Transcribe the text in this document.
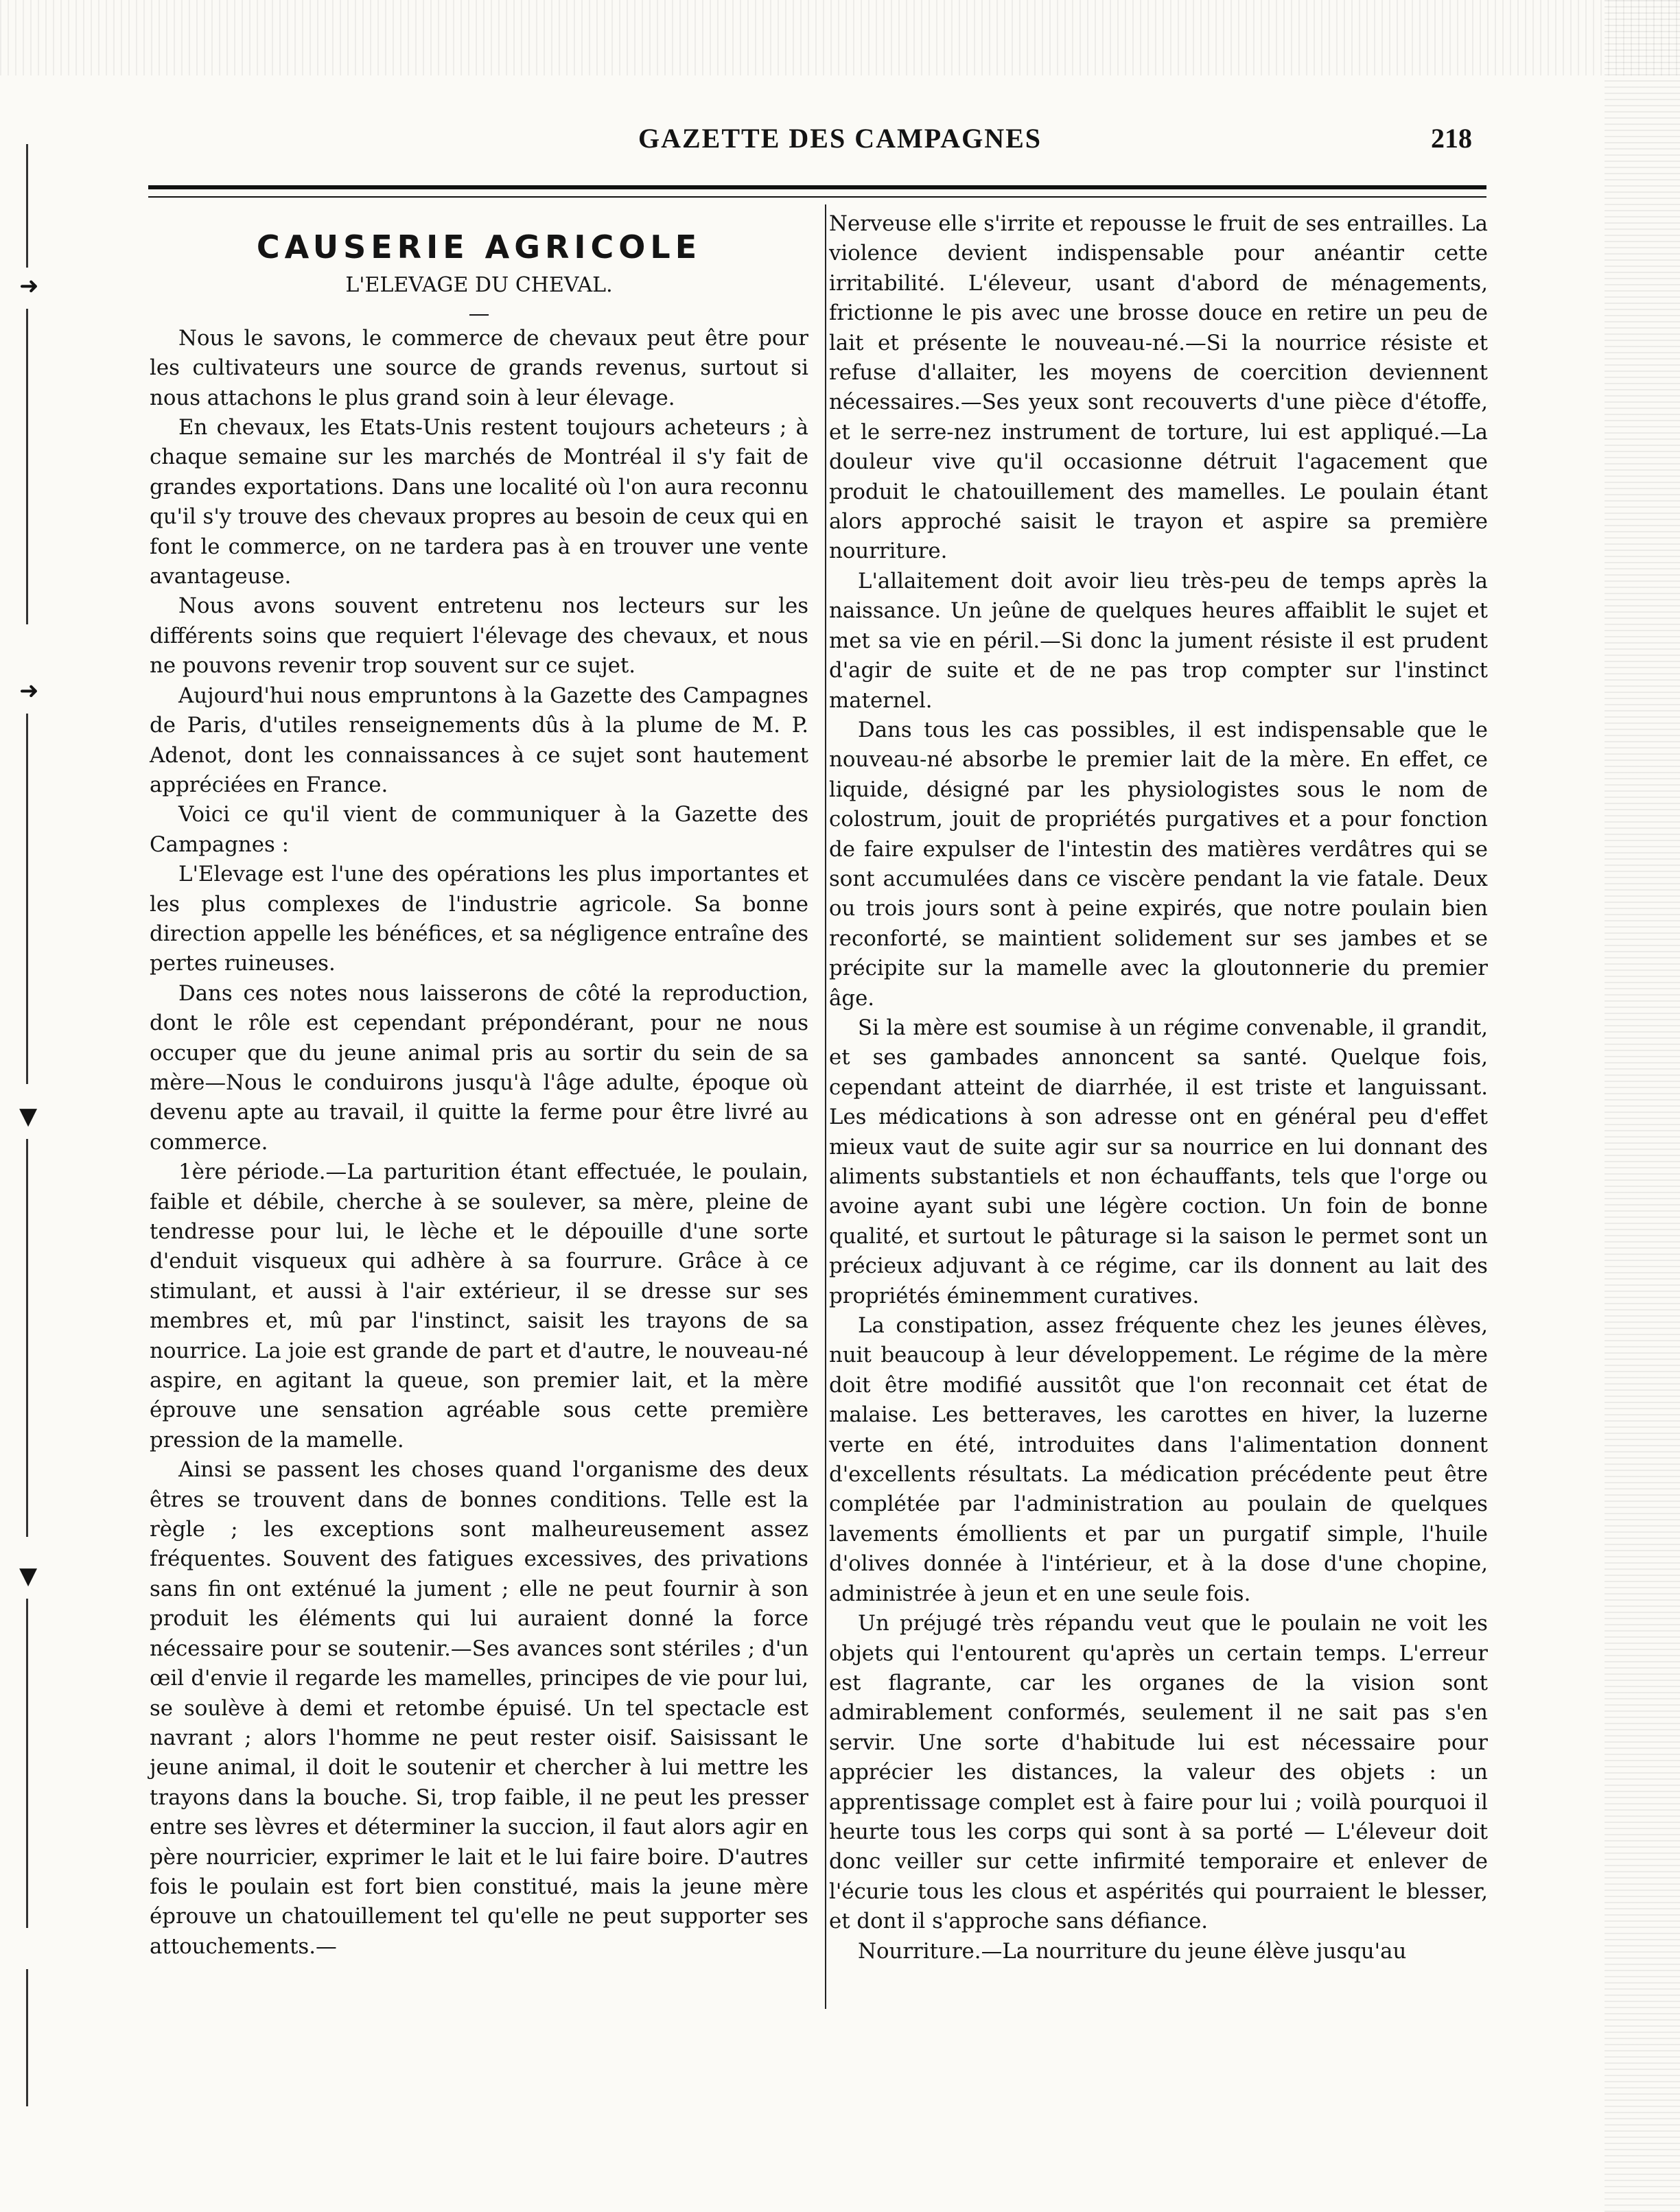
➜
➜
▼
▼
GAZETTE DES CAMPAGNES	218
CAUSERIE AGRICOLE
L'ELEVAGE DU CHEVAL.
—

Nous le savons, le commerce de chevaux peut être pour les cultivateurs une source de grands revenus, surtout si nous attachons le plus grand soin à leur élevage.

En chevaux, les Etats-Unis restent toujours acheteurs ; à chaque semaine sur les marchés de Montréal il s'y fait de grandes exportations. Dans une localité où l'on aura reconnu qu'il s'y trouve des chevaux propres au besoin de ceux qui en font le commerce, on ne tardera pas à en trouver une vente avantageuse.

Nous avons souvent entretenu nos lecteurs sur les différents soins que requiert l'élevage des chevaux, et nous ne pouvons revenir trop souvent sur ce sujet.

Aujourd'hui nous empruntons à la Gazette des Campagnes de Paris, d'utiles renseignements dûs à la plume de M. P. Adenot, dont les connaissances à ce sujet sont hautement appréciées en France.

Voici ce qu'il vient de communiquer à la Gazette des Campagnes :

L'Elevage est l'une des opérations les plus importantes et les plus complexes de l'industrie agricole. Sa bonne direction appelle les bénéfices, et sa négligence entraîne des pertes ruineuses.

Dans ces notes nous laisserons de côté la reproduction, dont le rôle est cependant prépondérant, pour ne nous occuper que du jeune animal pris au sortir du sein de sa mère—Nous le conduirons jusqu'à l'âge adulte, époque où devenu apte au travail, il quitte la ferme pour être livré au commerce.

1ère période.—La parturition étant effectuée, le poulain, faible et débile, cherche à se soulever, sa mère, pleine de tendresse pour lui, le lèche et le dépouille d'une sorte d'enduit visqueux qui adhère à sa fourrure. Grâce à ce stimulant, et aussi à l'air extérieur, il se dresse sur ses membres et, mû par l'instinct, saisit les trayons de sa nourrice. La joie est grande de part et d'autre, le nouveau-né aspire, en agitant la queue, son premier lait, et la mère éprouve une sensation agréable sous cette première pression de la mamelle.

Ainsi se passent les choses quand l'organisme des deux êtres se trouvent dans de bonnes conditions. Telle est la règle ; les exceptions sont malheureusement assez fréquentes. Souvent des fatigues excessives, des privations sans fin ont exténué la jument ; elle ne peut fournir à son produit les éléments qui lui auraient donné la force nécessaire pour se soutenir.—Ses avances sont stériles ; d'un œil d'envie il regarde les mamelles, principes de vie pour lui, se soulève à demi et retombe épuisé. Un tel spectacle est navrant ; alors l'homme ne peut rester oisif. Saisissant le jeune animal, il doit le soutenir et chercher à lui mettre les trayons dans la bouche. Si, trop faible, il ne peut les presser entre ses lèvres et déterminer la succion, il faut alors agir en père nourricier, exprimer le lait et le lui faire boire. D'autres fois le poulain est fort bien constitué, mais la jeune mère éprouve un chatouillement tel qu'elle ne peut supporter ses attouchements.—

Nerveuse elle s'irrite et repousse le fruit de ses entrailles. La violence devient indispensable pour anéantir cette irritabilité. L'éleveur, usant d'abord de ménagements, frictionne le pis avec une brosse douce en retire un peu de lait et présente le nouveau-né.—Si la nourrice résiste et refuse d'allaiter, les moyens de coercition deviennent nécessaires.—Ses yeux sont recouverts d'une pièce d'étoffe, et le serre-nez instrument de torture, lui est appliqué.—La douleur vive qu'il occasionne détruit l'agacement que produit le chatouillement des mamelles. Le poulain étant alors approché saisit le trayon et aspire sa première nourriture.

L'allaitement doit avoir lieu très-peu de temps après la naissance. Un jeûne de quelques heures affaiblit le sujet et met sa vie en péril.—Si donc la jument résiste il est prudent d'agir de suite et de ne pas trop compter sur l'instinct maternel.

Dans tous les cas possibles, il est indispensable que le nouveau-né absorbe le premier lait de la mère. En effet, ce liquide, désigné par les physiologistes sous le nom de colostrum, jouit de propriétés purgatives et a pour fonction de faire expulser de l'intestin des matières verdâtres qui se sont accumulées dans ce viscère pendant la vie fatale. Deux ou trois jours sont à peine expirés, que notre poulain bien reconforté, se maintient solidement sur ses jambes et se précipite sur la mamelle avec la gloutonnerie du premier âge.

Si la mère est soumise à un régime convenable, il grandit, et ses gambades annoncent sa santé. Quelque fois, cependant atteint de diarrhée, il est triste et languissant. Les médications à son adresse ont en général peu d'effet mieux vaut de suite agir sur sa nourrice en lui donnant des aliments substantiels et non échauffants, tels que l'orge ou avoine ayant subi une légère coction. Un foin de bonne qualité, et surtout le pâturage si la saison le permet sont un précieux adjuvant à ce régime, car ils donnent au lait des propriétés éminemment curatives.

La constipation, assez fréquente chez les jeunes élèves, nuit beaucoup à leur développement. Le régime de la mère doit être modifié aussitôt que l'on reconnait cet état de malaise. Les betteraves, les carottes en hiver, la luzerne verte en été, introduites dans l'alimentation donnent d'excellents résultats. La médication précédente peut être complétée par l'administration au poulain de quelques lavements émollients et par un purgatif simple, l'huile d'olives donnée à l'intérieur, et à la dose d'une chopine, administrée à jeun et en une seule fois.

Un préjugé très répandu veut que le poulain ne voit les objets qui l'entourent qu'après un certain temps. L'erreur est flagrante, car les organes de la vision sont admirablement conformés, seulement il ne sait pas s'en servir. Une sorte d'habitude lui est nécessaire pour apprécier les distances, la valeur des objets : un apprentissage complet est à faire pour lui ; voilà pourquoi il heurte tous les corps qui sont à sa porté — L'éleveur doit donc veiller sur cette infirmité temporaire et enlever de l'écurie tous les clous et aspérités qui pourraient le blesser, et dont il s'approche sans défiance.

Nourriture.—La nourriture du jeune élève jusqu'au
